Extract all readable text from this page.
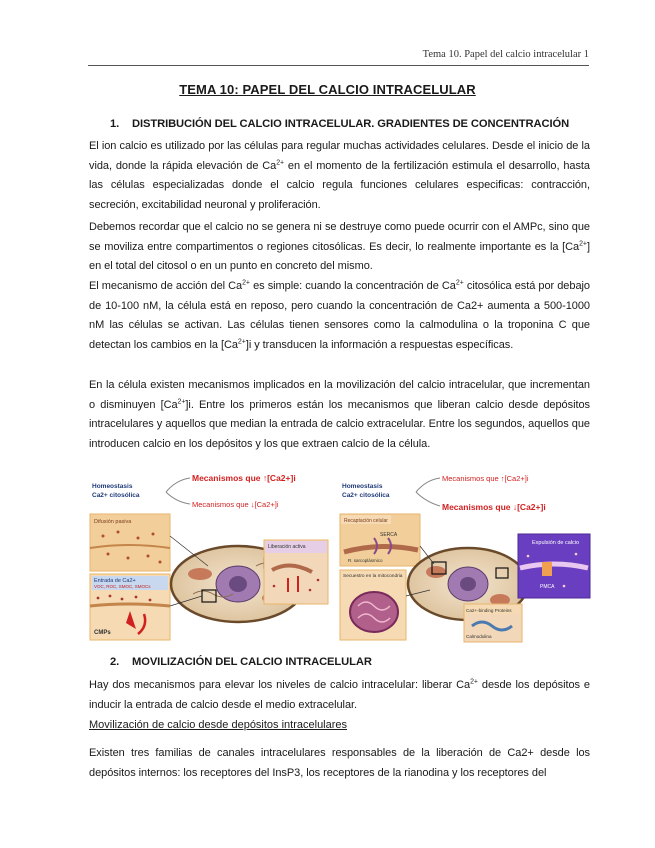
Tema 10. Papel del calcio intracelular 1
TEMA 10: PAPEL DEL CALCIO INTRACELULAR
1. DISTRIBUCIÓN DEL CALCIO INTRACELULAR. GRADIENTES DE CONCENTRACIÓN

El ion calcio es utilizado por las células para regular muchas actividades celulares. Desde el inicio de la vida, donde la rápida elevación de $Ca^{2+}$ en el momento de la fertilización estimula el desarrollo, hasta las células especializadas donde el calcio regula funciones celulares especificas: contracción, secreción, excitabilidad neuronal y proliferación.

Debemos recordar que el calcio no se genera ni se destruye como puede ocurrir con el AMPc, sino que se moviliza entre compartimentos o regiones citosólicas. Es decir, lo realmente importante es la $[Ca^{2+}]$ en el total del citosol o en un punto en concreto del mismo.

El mecanismo de acción del $Ca^{2+}$ es simple: cuando la concentración de $Ca^{2+}$ citosólica está por debajo de 10-100 nM, la célula está en reposo, pero cuando la concentración de Ca2+ aumenta a 500-1000 nM las células se activan. Las células tienen sensores como la calmodulina o la troponina C que detectan los cambios en la $[Ca^{2+}]i$ y transducen la información a respuestas específicas.

En la célula existen mecanismos implicados en la movilización del calcio intracelular, que incrementan o disminuyen $[Ca^{2+}]i$. Entre los primeros están los mecanismos que liberan calcio desde depósitos intracelulares y aquellos que median la entrada de calcio extracelular. Entre los segundos, aquellos que introducen calcio en los depósitos y los que extraen calcio de la célula.

Homeostasis
Ca2+ citosólica
Mecanismos que ↑[Ca2+]i
Mecanismos que ↓[Ca2+]i
Difusión pasiva
Entrada de Ca2+
VOC, ROC, SMOC, SMOCs
CMPs
Liberación activa
Homeostasis
Ca2+ citosólica
Mecanismos que ↑[Ca2+]i
Mecanismos que ↓[Ca2+]i
Recaptación celular
SERCA
R. sarcoplásmico
Secuestro en la mitocondria
Expulsión de calcio
PMCA
Ca2+-binding Proteins
Calmodulina
2. MOVILIZACIÓN DEL CALCIO INTRACELULAR

Hay dos mecanismos para elevar los niveles de calcio intracelular: liberar $Ca^{2+}$ desde los depósitos e inducir la entrada de calcio desde el medio extracelular.

Movilización de calcio desde depósitos intracelulares

Existen tres familias de canales intracelulares responsables de la liberación de Ca2+ desde los depósitos internos: los receptores del InsP3, los receptores de la rianodina y los receptores del
